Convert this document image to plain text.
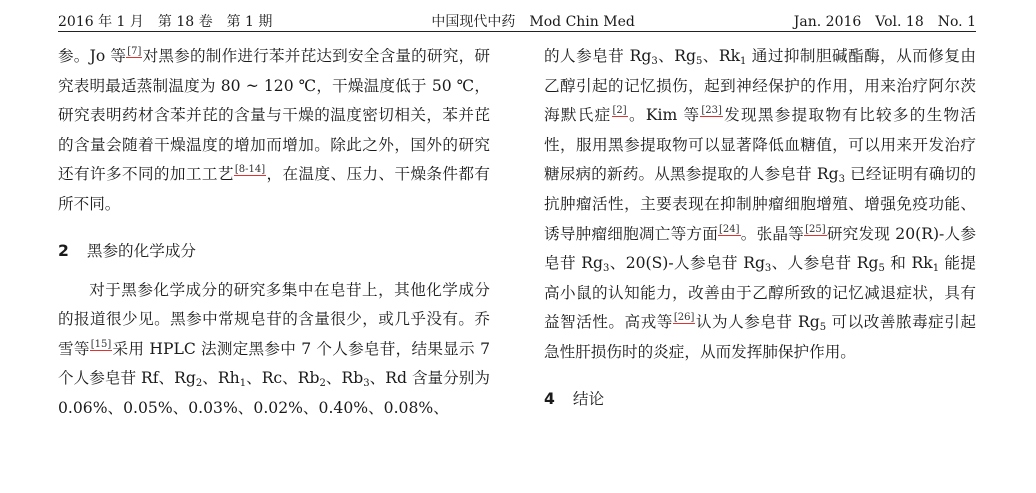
2016 年 1 月　第 18 卷　第 1 期	中国现代中药　Mod Chin Med	Jan. 2016　Vol. 18　No. 1

参。Jo 等[7]对黑参的制作进行苯并芘达到安全含量的研究，研究表明最适蒸制温度为 80 ~ 120 ℃，干燥温度低于 50 ℃，研究表明药材含苯并芘的含量与干燥的温度密切相关，苯并芘的含量会随着干燥温度的增加而增加。除此之外，国外的研究还有许多不同的加工工艺[8-14]，在温度、压力、干燥条件都有所不同。

2 黑参的化学成分

对于黑参化学成分的研究多集中在皂苷上，其他化学成分的报道很少见。黑参中常规皂苷的含量很少，或几乎没有。乔雪等[15]采用 HPLC 法测定黑参中 7 个人参皂苷，结果显示 7 个人参皂苷 Rf、$Rg_2$、$Rh_1$、Rc、$Rb_2$、$Rb_3$、Rd 含量分别为 0.06%、0.05%、0.03%、0.02%、0.40%、0.08%、

的人参皂苷 $Rg_3$、$Rg_5$、$Rk_1$ 通过抑制胆碱酯酶，从而修复由乙醇引起的记忆损伤，起到神经保护的作用，用来治疗阿尔茨海默氏症[2]。Kim 等[23]发现黑参提取物有比较多的生物活性，服用黑参提取物可以显著降低血糖值，可以用来开发治疗糖尿病的新药。从黑参提取的人参皂苷 $Rg_3$ 已经证明有确切的抗肿瘤活性，主要表现在抑制肿瘤细胞增殖、增强免疫功能、诱导肿瘤细胞凋亡等方面[24]。张晶等[25]研究发现 20(R)-人参皂苷 $Rg_3$、20(S)-人参皂苷 $Rg_3$、人参皂苷 $Rg_5$ 和 $Rk_1$ 能提高小鼠的认知能力，改善由于乙醇所致的记忆减退症状，具有益智活性。高戎等[26]认为人参皂苷 $Rg_5$ 可以改善脓毒症引起急性肝损伤时的炎症，从而发挥肺保护作用。

4 结论
